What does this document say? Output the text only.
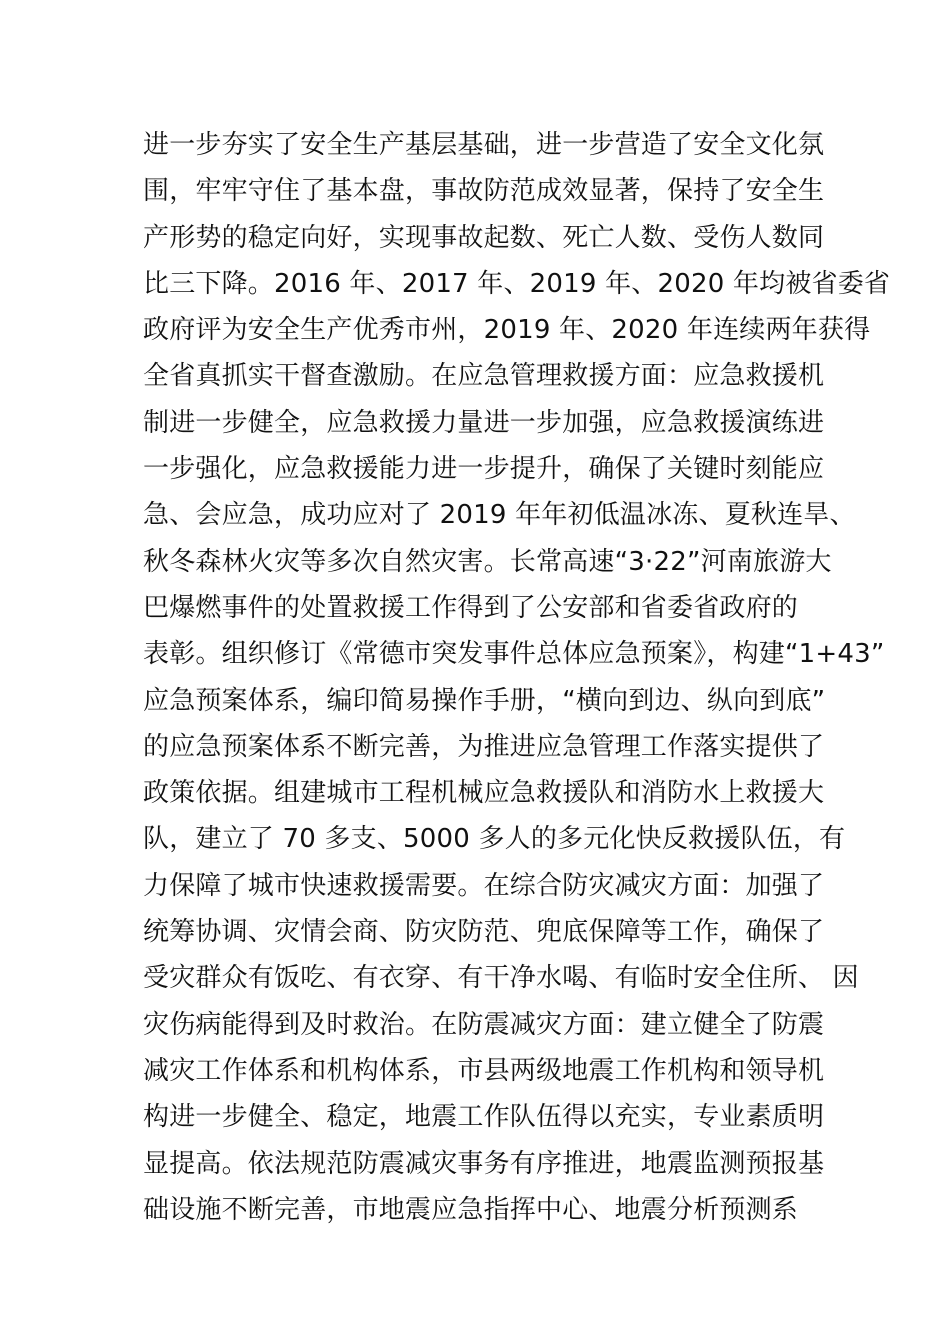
进一步夯实了安全生产基层基础，进一步营造了安全文化氛
围，牢牢守住了基本盘，事故防范成效显著，保持了安全生
产形势的稳定向好，实现事故起数、死亡人数、受伤人数同
比三下降。2016 年、2017 年、2019 年、2020 年均被省委省
政府评为安全生产优秀市州，2019 年、2020 年连续两年获得
全省真抓实干督查激励。在应急管理救援方面：应急救援机
制进一步健全，应急救援力量进一步加强，应急救援演练进
一步强化，应急救援能力进一步提升，确保了关键时刻能应
急、会应急，成功应对了 2019 年年初低温冰冻、夏秋连旱、
秋冬森林火灾等多次自然灾害。长常高速“3·22”河南旅游大
巴爆燃事件的处置救援工作得到了公安部和省委省政府的
表彰。组织修订《常德市突发事件总体应急预案》，构建“1+43”
应急预案体系，编印简易操作手册，“横向到边、纵向到底”
的应急预案体系不断完善，为推进应急管理工作落实提供了
政策依据。组建城市工程机械应急救援队和消防水上救援大
队，建立了 70 多支、5000 多人的多元化快反救援队伍，有
力保障了城市快速救援需要。在综合防灾减灾方面：加强了
统筹协调、灾情会商、防灾防范、兜底保障等工作，确保了
受灾群众有饭吃、有衣穿、有干净水喝、有临时安全住所、 因
灾伤病能得到及时救治。在防震减灾方面：建立健全了防震
减灾工作体系和机构体系，市县两级地震工作机构和领导机
构进一步健全、稳定，地震工作队伍得以充实，专业素质明
显提高。依法规范防震减灾事务有序推进，地震监测预报基
础设施不断完善，市地震应急指挥中心、地震分析预测系
